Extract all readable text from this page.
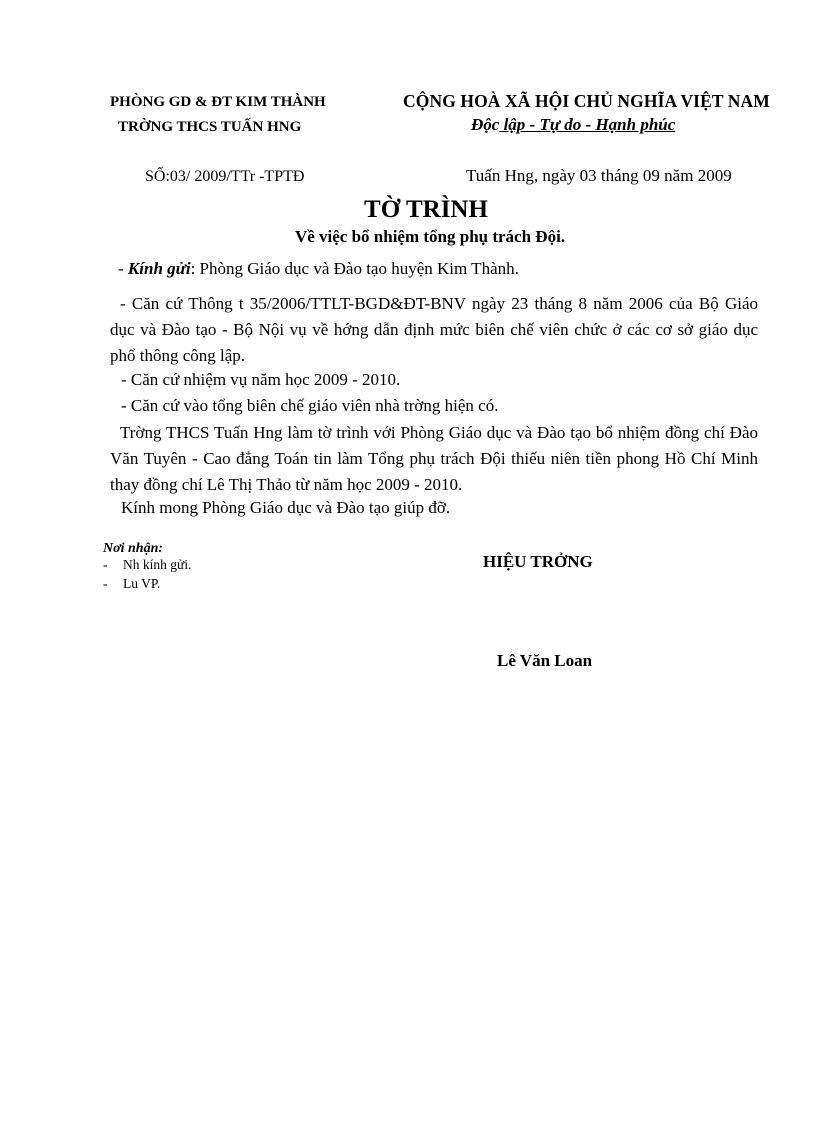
PHÒNG GD & ĐT KIM THÀNH
TRỜNG THCS TUẤN HNG
CỘNG HOÀ XÃ HỘI CHỦ NGHĨA VIỆT NAM
Độc lập - Tự do - Hạnh phúc
SỐ:03/ 2009/TTr -TPTĐ	Tuấn Hng, ngày 03 tháng 09 năm 2009
TỜ TRÌNH
Về việc bổ nhiệm tổng phụ trách Đội.
- Kính gửi: Phòng Giáo dục và Đào tạo huyện Kim Thành.
- Căn cứ Thông t 35/2006/TTLT-BGD&ĐT-BNV ngày 23 tháng 8 năm 2006 của Bộ Giáo dục và Đào tạo - Bộ Nội vụ về hớng dẫn định mức biên chế viên chức ở các cơ sở giáo dục phổ thông công lập.
- Căn cứ nhiệm vụ năm học 2009 - 2010.
- Căn cứ vào tổng biên chế giáo viên nhà trờng hiện có.
Trờng THCS Tuấn Hng làm tờ trình với Phòng Giáo dục và Đào tạo bổ nhiệm đồng chí Đào Văn Tuyên - Cao đẳng Toán tin làm Tổng phụ trách Đội thiếu niên tiền phong Hồ Chí Minh thay đồng chí Lê Thị Thảo từ năm học 2009 - 2010.
Kính mong Phòng Giáo dục và Đào tạo giúp đỡ.
Nơi nhận:
- Nh kính gửi.
- Lu VP.
HIỆU TRỞNG
Lê Văn Loan
